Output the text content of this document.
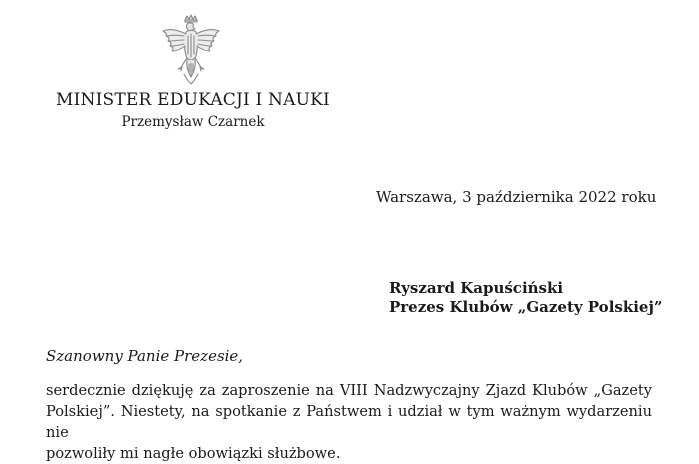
MINISTER EDUKACJI I NAUKI
Przemysław Czarnek
Warszawa, 3 października 2022 roku
Ryszard Kapuściński
Prezes Klubów „Gazety Polskiej”
Szanowny Panie Prezesie,
serdecznie dziękuję za zaproszenie na VIII Nadzwyczajny Zjazd Klubów „Gazety
Polskiej”. Niestety, na spotkanie z Państwem i udział w tym ważnym wydarzeniu nie
pozwoliły mi nagłe obowiązki służbowe.
